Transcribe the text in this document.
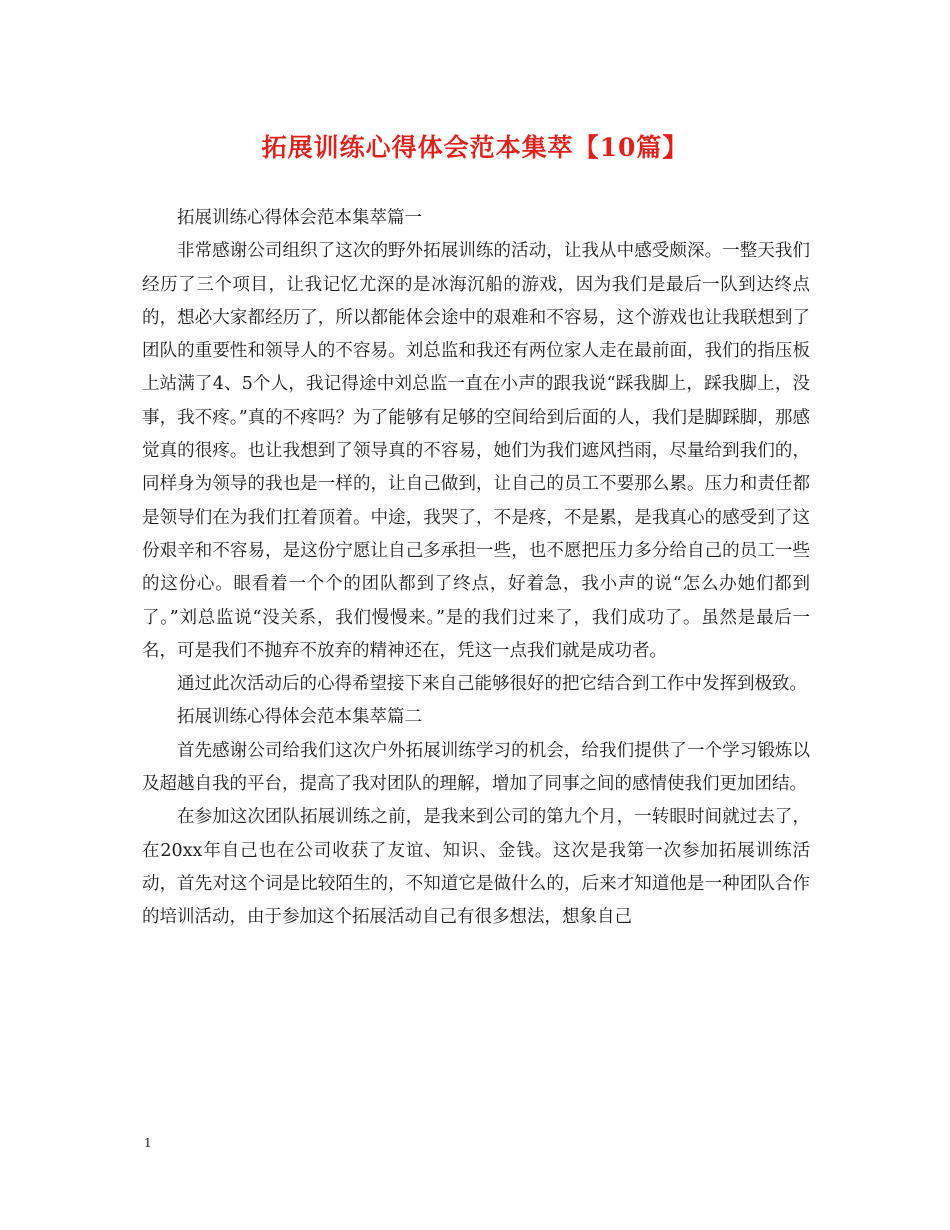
拓展训练心得体会范本集萃【10篇】

拓展训练心得体会范本集萃篇一

非常感谢公司组织了这次的野外拓展训练的活动，让我从中感受颇深。一整天我们经历了三个项目，让我记忆尤深的是冰海沉船的游戏，因为我们是最后一队到达终点的，想必大家都经历了，所以都能体会途中的艰难和不容易，这个游戏也让我联想到了团队的重要性和领导人的不容易。刘总监和我还有两位家人走在最前面，我们的指压板上站满了4、5个人，我记得途中刘总监一直在小声的跟我说“踩我脚上，踩我脚上，没事，我不疼。”真的不疼吗？为了能够有足够的空间给到后面的人，我们是脚踩脚，那感觉真的很疼。也让我想到了领导真的不容易，她们为我们遮风挡雨，尽量给到我们的，同样身为领导的我也是一样的，让自己做到，让自己的员工不要那么累。压力和责任都是领导们在为我们扛着顶着。中途，我哭了，不是疼，不是累，是我真心的感受到了这份艰辛和不容易，是这份宁愿让自己多承担一些，也不愿把压力多分给自己的员工一些的这份心。眼看着一个个的团队都到了终点，好着急，我小声的说“怎么办她们都到了。”刘总监说“没关系，我们慢慢来。”是的我们过来了，我们成功了。虽然是最后一名，可是我们不抛弃不放弃的精神还在，凭这一点我们就是成功者。

通过此次活动后的心得希望接下来自己能够很好的把它结合到工作中发挥到极致。

拓展训练心得体会范本集萃篇二

首先感谢公司给我们这次户外拓展训练学习的机会，给我们提供了一个学习锻炼以及超越自我的平台，提高了我对团队的理解，增加了同事之间的感情使我们更加团结。

在参加这次团队拓展训练之前，是我来到公司的第九个月，一转眼时间就过去了，在20xx年自己也在公司收获了友谊、知识、金钱。这次是我第一次参加拓展训练活动，首先对这个词是比较陌生的，不知道它是做什么的，后来才知道他是一种团队合作的培训活动，由于参加这个拓展活动自己有很多想法，想象自己

1
